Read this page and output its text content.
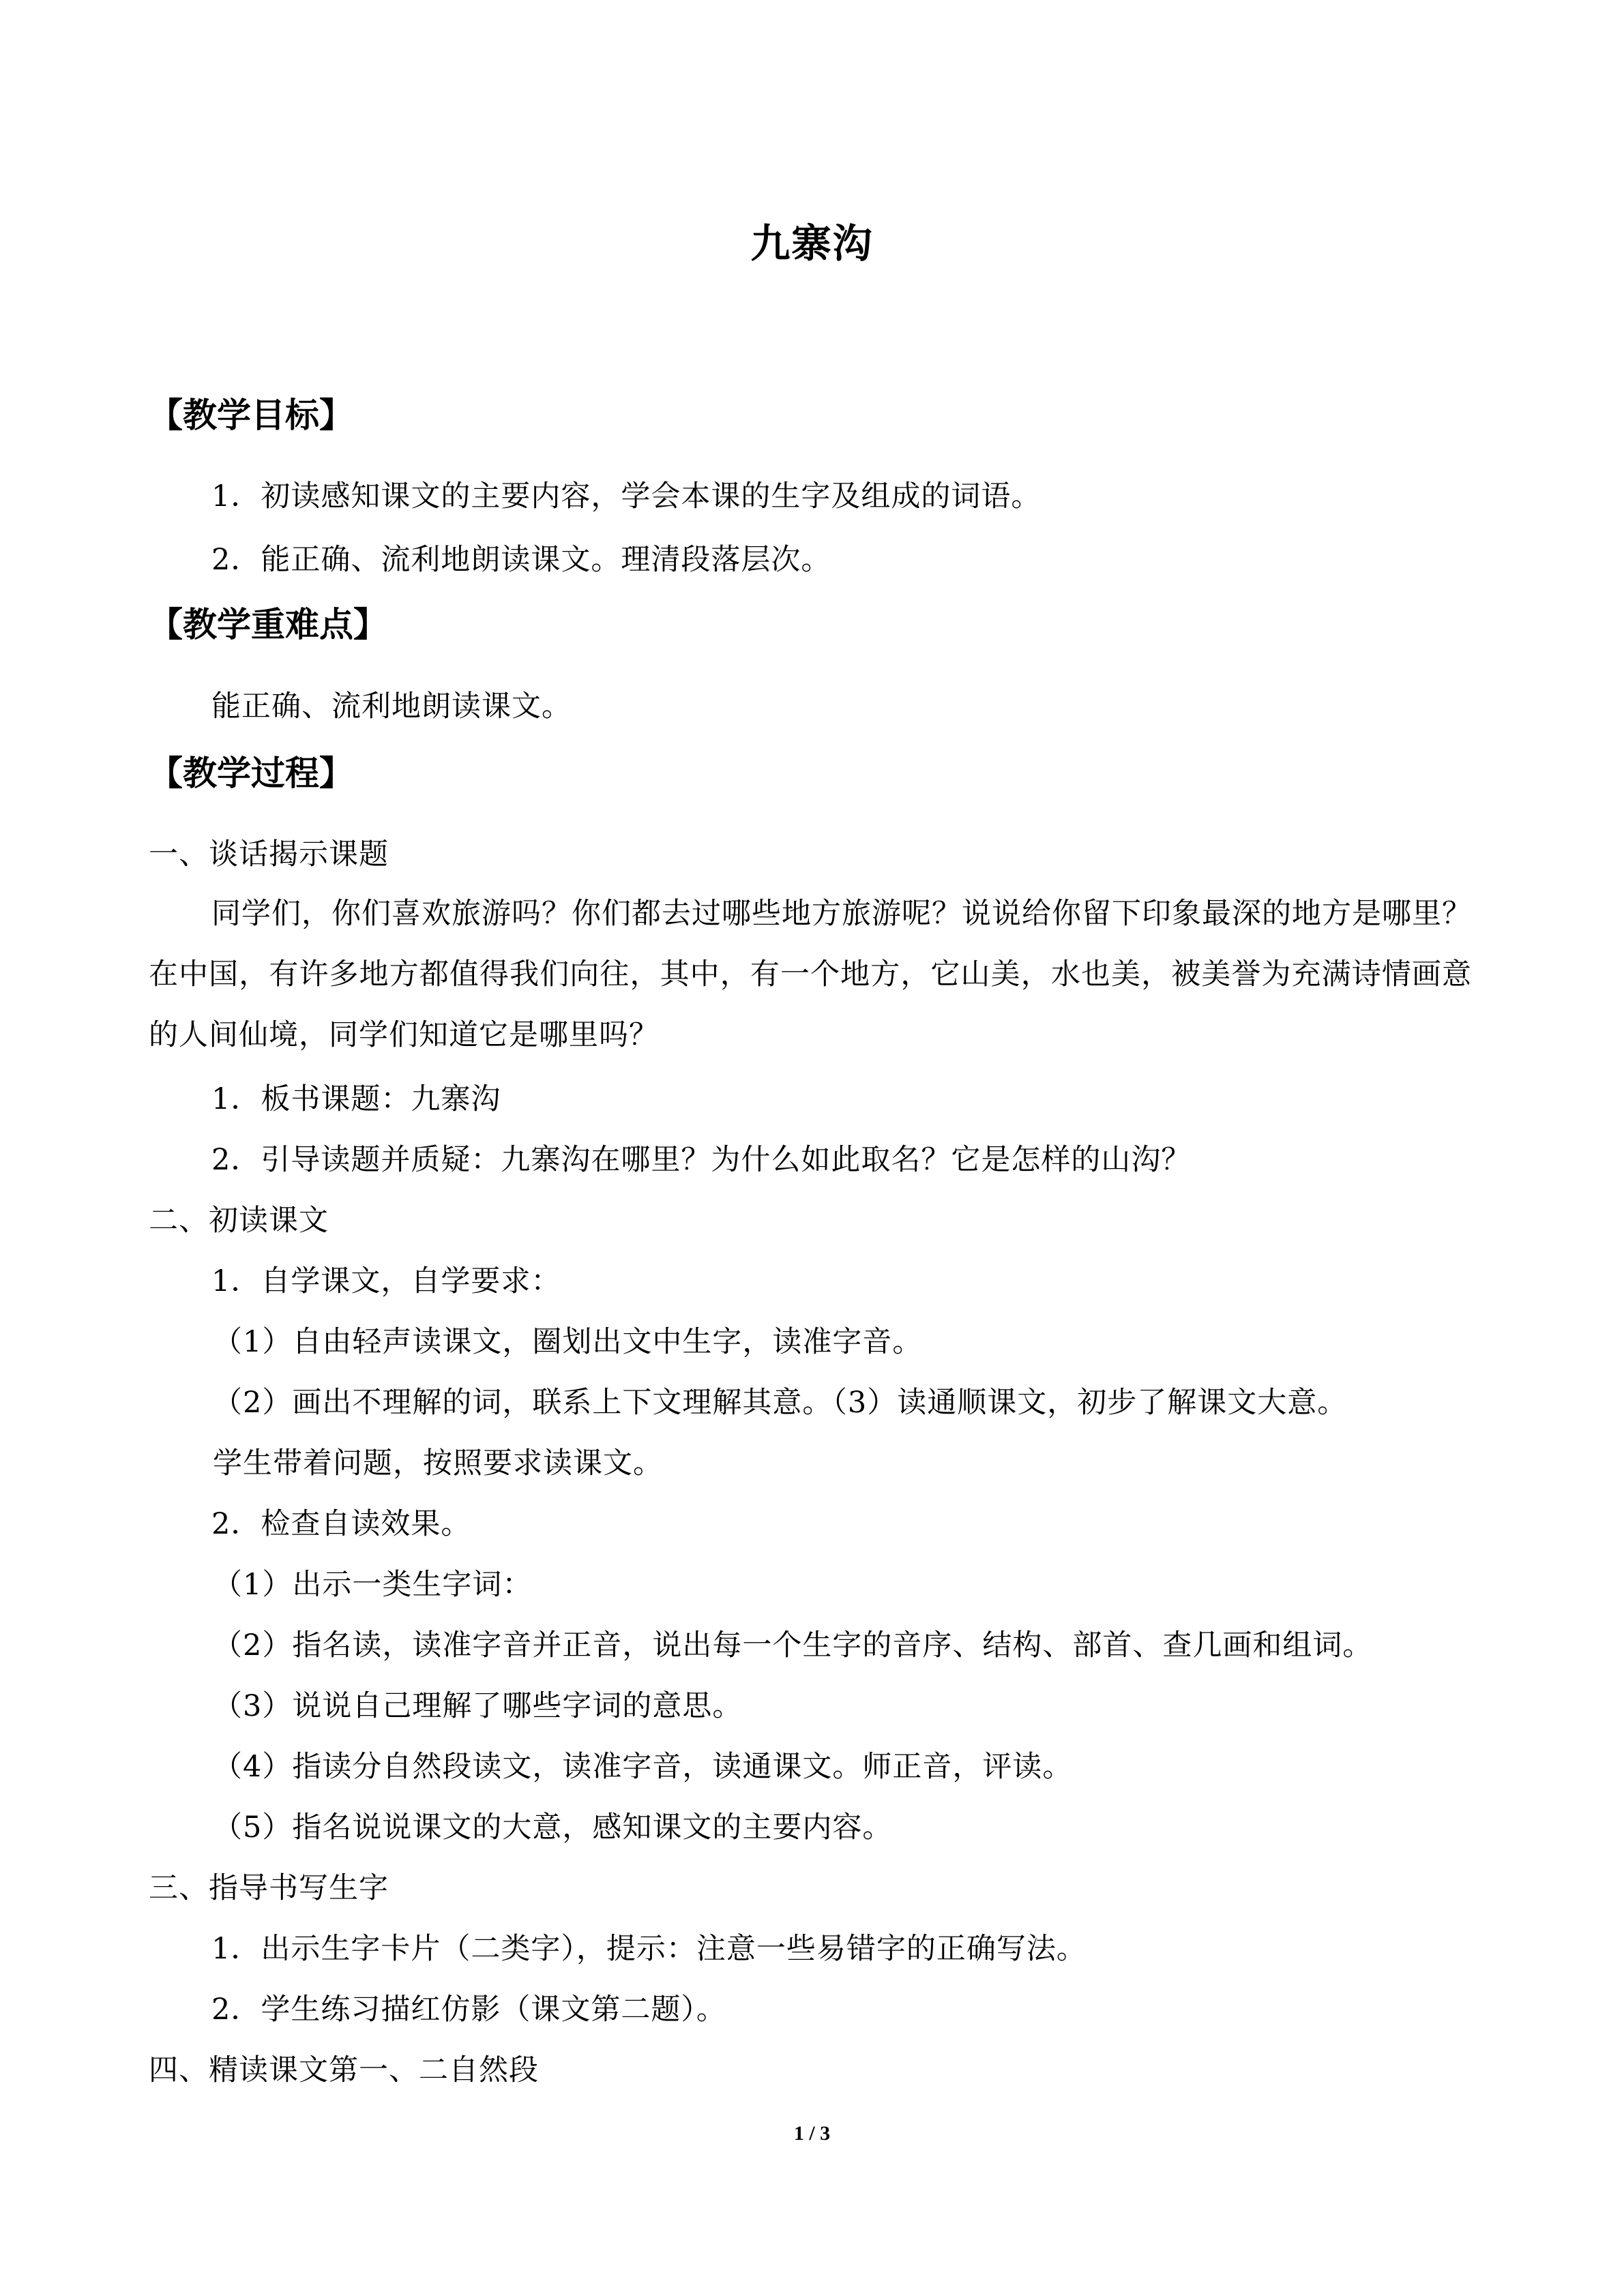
九寨沟
【教学目标】
1．初读感知课文的主要内容，学会本课的生字及组成的词语。
2．能正确、流利地朗读课文。理清段落层次。
【教学重难点】
能正确、流利地朗读课文。
【教学过程】
一、谈话揭示课题
同学们，你们喜欢旅游吗？你们都去过哪些地方旅游呢？说说给你留下印象最深的地方是哪里？在中国，有许多地方都值得我们向往，其中，有一个地方，它山美，水也美，被美誉为充满诗情画意的人间仙境，同学们知道它是哪里吗？
1．板书课题：九寨沟
2．引导读题并质疑：九寨沟在哪里？为什么如此取名？它是怎样的山沟？
二、初读课文
1．自学课文，自学要求：
（1）自由轻声读课文，圈划出文中生字，读准字音。
（2）画出不理解的词，联系上下文理解其意。（3）读通顺课文，初步了解课文大意。
学生带着问题，按照要求读课文。
2．检查自读效果。
（1）出示一类生字词：
（2）指名读，读准字音并正音，说出每一个生字的音序、结构、部首、查几画和组词。
（3）说说自己理解了哪些字词的意思。
（4）指读分自然段读文，读准字音，读通课文。师正音，评读。
（5）指名说说课文的大意，感知课文的主要内容。
三、指导书写生字
1．出示生字卡片（二类字），提示：注意一些易错字的正确写法。
2．学生练习描红仿影（课文第二题）。
四、精读课文第一、二自然段
1 / 3
